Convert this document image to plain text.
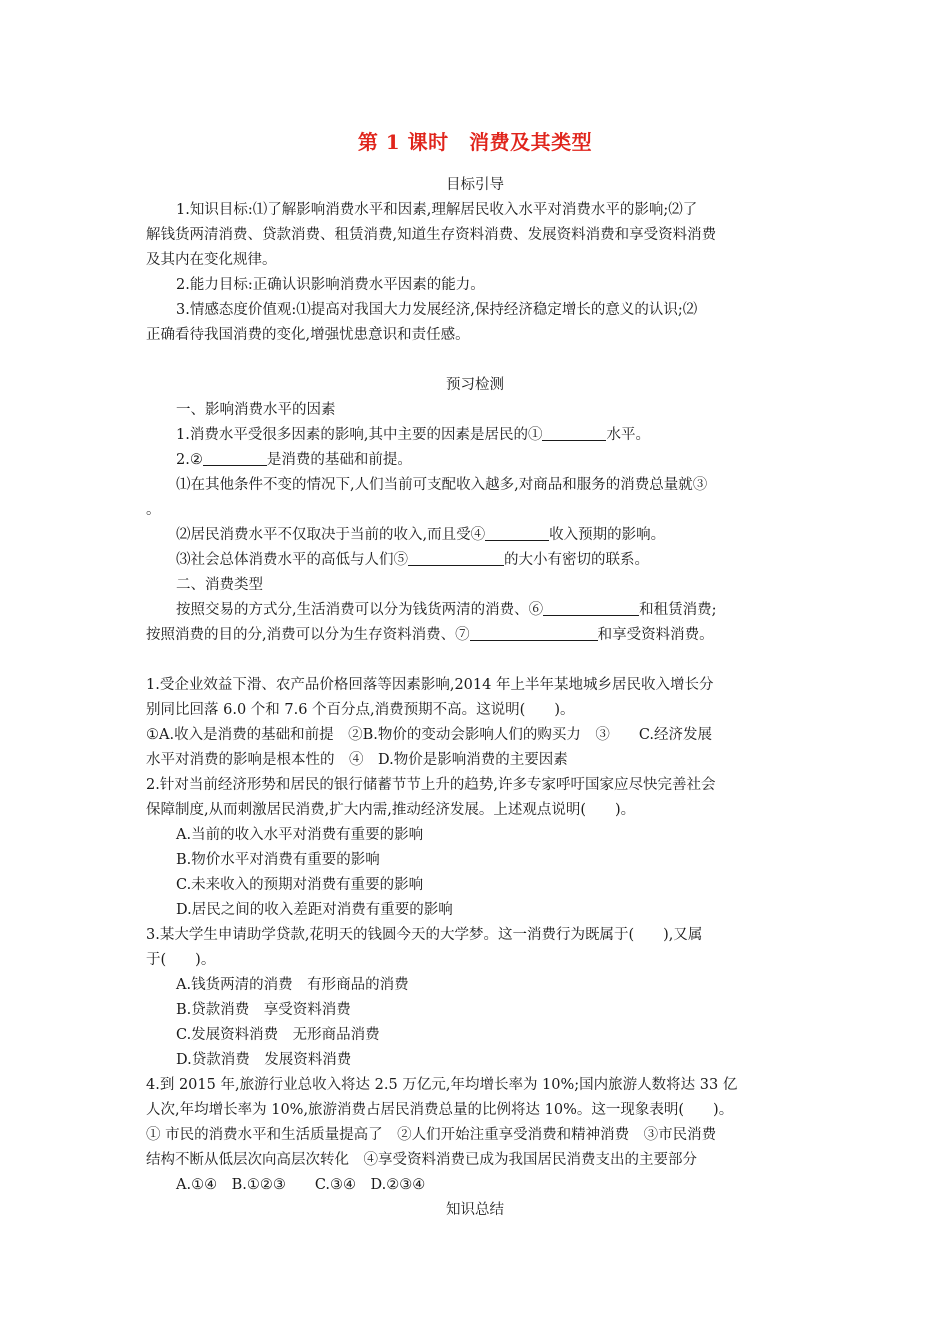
第 1 课时　消费及其类型
目标引导
1.知识目标:⑴了解影响消费水平和因素,理解居民收入水平对消费水平的影响;⑵了
解钱货两清消费、贷款消费、租赁消费,知道生存资料消费、发展资料消费和享受资料消费
及其内在变化规律。
2.能力目标:正确认识影响消费水平因素的能力。
3.情感态度价值观:⑴提高对我国大力发展经济,保持经济稳定增长的意义的认识;⑵
正确看待我国消费的变化,增强忧患意识和责任感。
预习检测
一、影响消费水平的因素
1.消费水平受很多因素的影响,其中主要的因素是居民的①	水平。
2.②	是消费的基础和前提。
⑴在其他条件不变的情况下,人们当前可支配收入越多,对商品和服务的消费总量就③
。
⑵居民消费水平不仅取决于当前的收入,而且受④	收入预期的影响。
⑶社会总体消费水平的高低与人们⑤	的大小有密切的联系。
二、消费类型
按照交易的方式分,生活消费可以分为钱货两清的消费、⑥	和租赁消费;
按照消费的目的分,消费可以分为生存资料消费、⑦	和享受资料消费。
1.受企业效益下滑、农产品价格回落等因素影响,2014 年上半年某地城乡居民收入增长分
别同比回落 6.0 个和 7.6 个百分点,消费预期不高。这说明(　　)。
①A.收入是消费的基础和前提　②B.物价的变动会影响人们的购买力　③　　C.经济发展
水平对消费的影响是根本性的　④　D.物价是影响消费的主要因素
2.针对当前经济形势和居民的银行储蓄节节上升的趋势,许多专家呼吁国家应尽快完善社会
保障制度,从而刺激居民消费,扩大内需,推动经济发展。上述观点说明(　　)。
A.当前的收入水平对消费有重要的影响
B.物价水平对消费有重要的影响
C.未来收入的预期对消费有重要的影响
D.居民之间的收入差距对消费有重要的影响
3.某大学生申请助学贷款,花明天的钱圆今天的大学梦。这一消费行为既属于(　　),又属
于(　　)。
A.钱货两清的消费　有形商品的消费
B.贷款消费　享受资料消费
C.发展资料消费　无形商品消费
D.贷款消费　发展资料消费
4.到 2015 年,旅游行业总收入将达 2.5 万亿元,年均增长率为 10%;国内旅游人数将达 33 亿
人次,年均增长率为 10%,旅游消费占居民消费总量的比例将达 10%。这一现象表明(　　)。
① 市民的消费水平和生活质量提高了　②人们开始注重享受消费和精神消费　③市民消费
结构不断从低层次向高层次转化　④享受资料消费已成为我国居民消费支出的主要部分
A.①④　B.①②③　　C.③④　D.②③④
知识总结
